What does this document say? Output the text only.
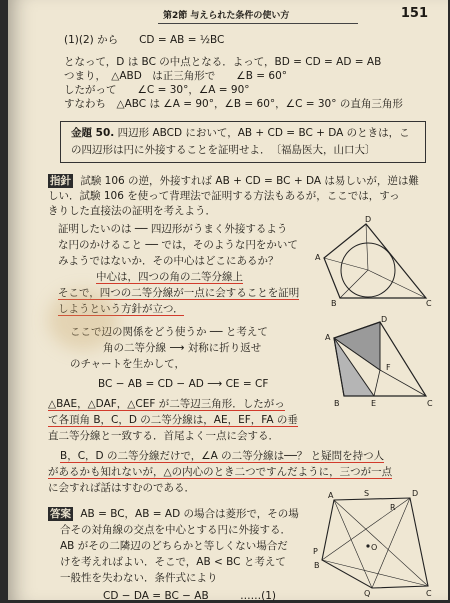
第2節 与えられた条件の使い方	151
(1)(2) から　　CD = AB = ½BC
となって，D は BC の中点となる．よって，BD = CD = AD = AB
つまり，　△ABD　は正三角形で　　∠B = 60°
したがって　　∠C = 30°，∠A = 90°
すなわち　△ABC は ∠A = 90°，∠B = 60°，∠C = 30° の直角三角形
金題 50. 四辺形 ABCD において，AB + CD = BC + DA のときは，こ
の四辺形は円に外接することを証明せよ．　〔福島医大，山口大〕
指針 試験 106 の逆，外接すれば AB + CD = BC + DA は易しいが，逆は難
しい．試験 106 を使って背理法で証明する方法もあるが，ここでは，すっ
きりした直接法の証明を考えよう．
証明したいのは ── 四辺形がうまく外接するよう
な円のかけること ── では，そのような円をかいて
みようではないか．その中心はどこにあるか？
中心は，四つの角の二等分線上
そこで，四つの二等分線が一点に会することを証明
しようという方針が立つ．
ここで辺の関係をどう使うか ── と考えて
角の二等分線 ⟶ 対称に折り返せ
のチャートを生かして，
BC − AB = CD − AD ⟶ CE = CF
△BAE，△DAF，△CEF が二等辺三角形．したがっ
て各頂角 B，C，D の二等分線は，AE，EF，FA の垂
直二等分線と一致する．首尾よく一点に会する．
B，C，D の二等分線だけで，∠A の二等分線は──？ と疑問を持つ人
があるかも知れないが，△の内心のとき二つですんだように，三つが一点
に会すれば話はすむのである．
答案 AB = BC，AB = AD の場合は菱形で，その場
合その対角線の交点を中心とする円に外接する．
AB がその二隣辺のどちらかと等しくない場合だ
けを考えればよい．そこで，AB < BC と考えて
一般性を失わない．条件式により
CD − DA = BC − AB　　　……(1)
D
A
B	C
D
A
F
B	E	C
A	S
R
D
P	O
B
Q	C
